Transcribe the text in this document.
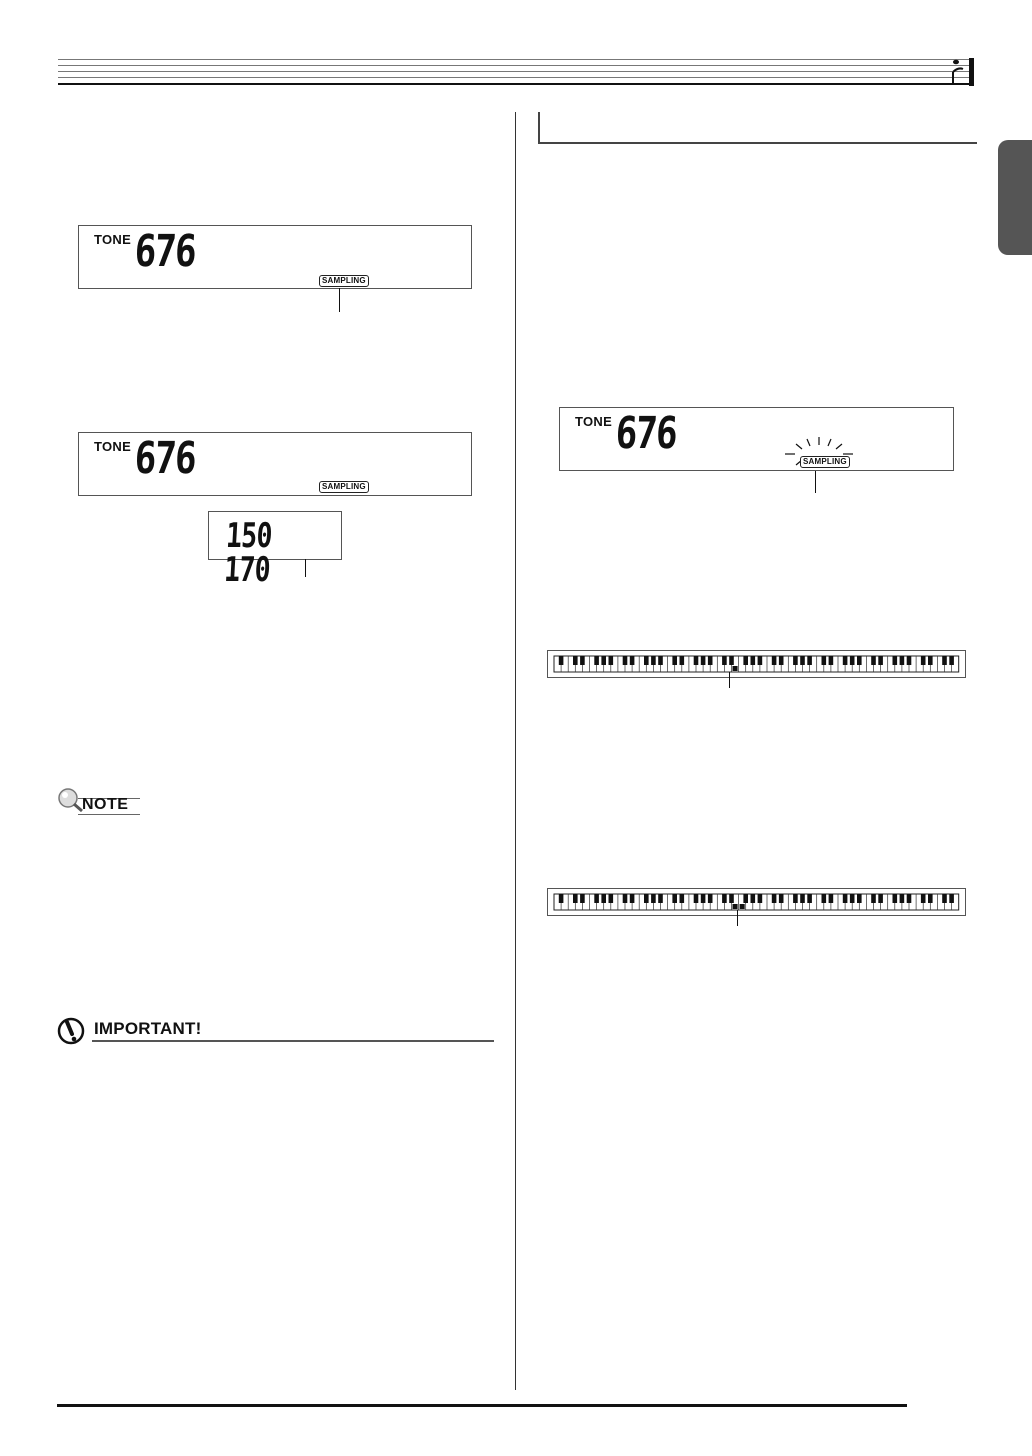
TONE 676
SAMPLING
TONE 676
SAMPLING
150 170
NOTE
IMPORTANT!
TONE 676
SAMPLING
